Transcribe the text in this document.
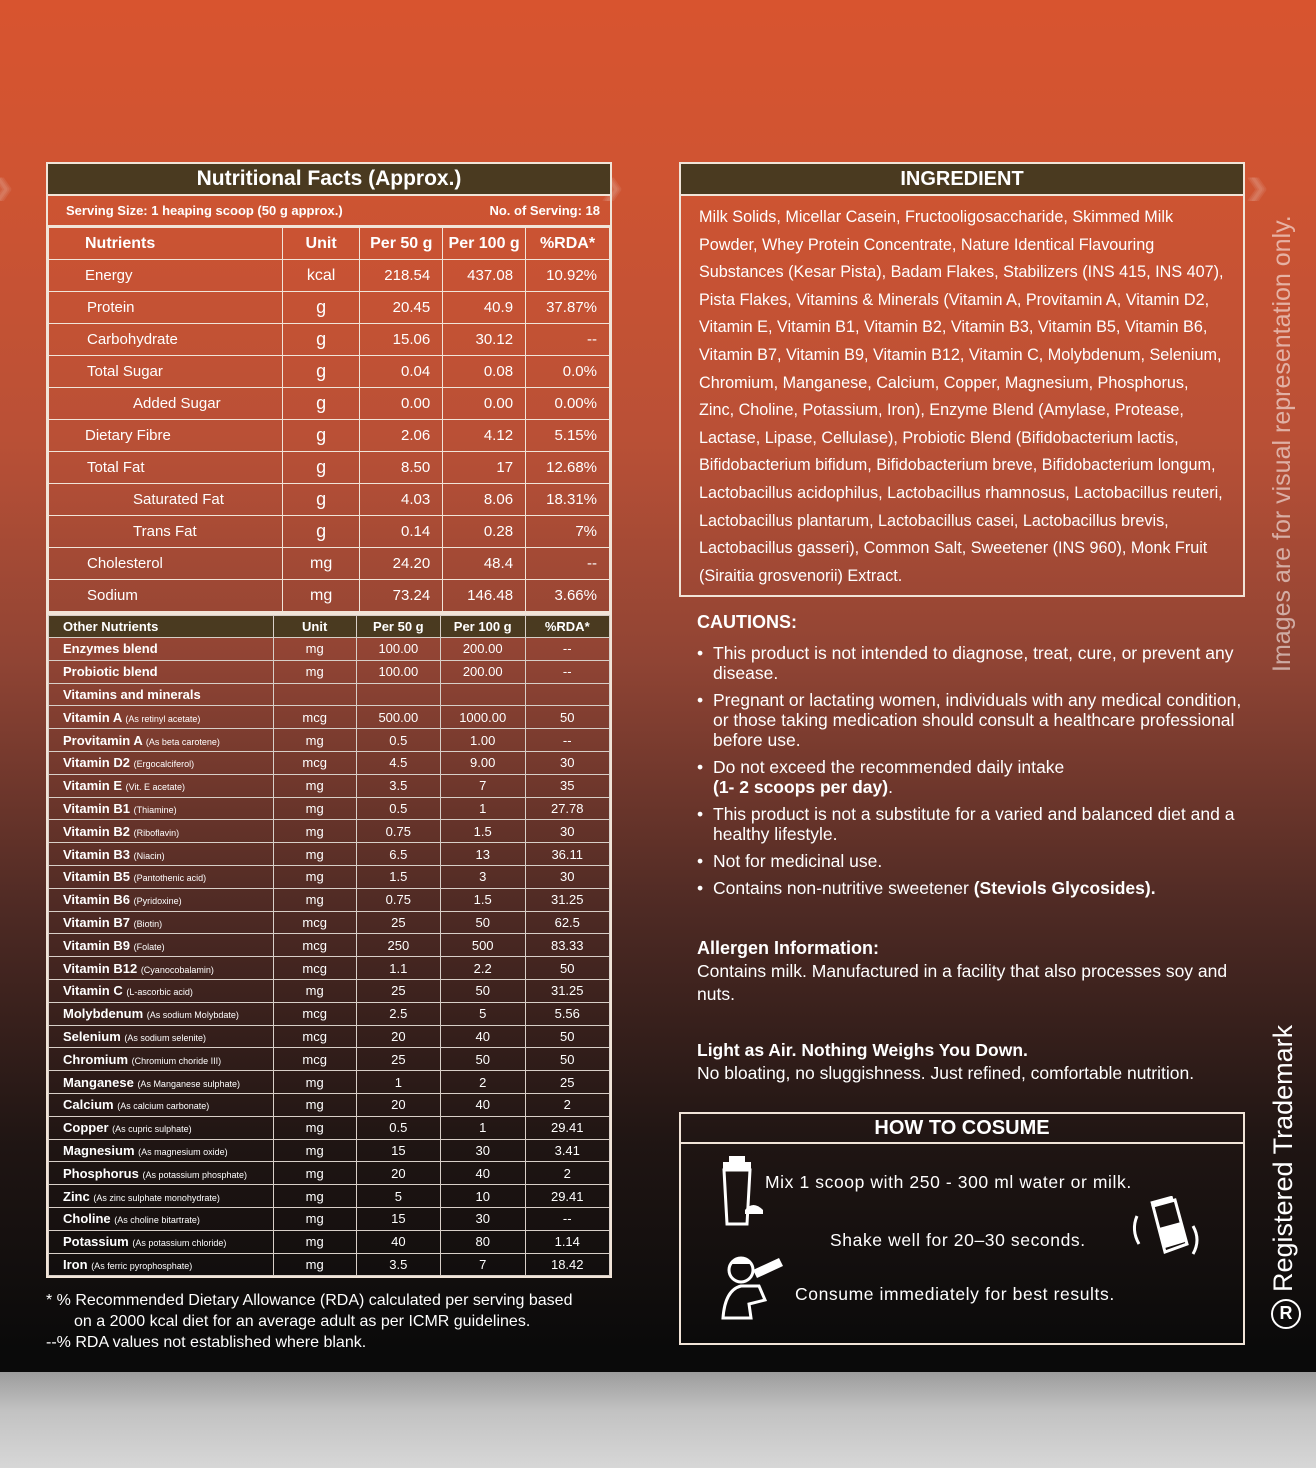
›››
Nutritional Facts (Approx.)
Serving Size: 1 heaping scoop (50 g approx.)	No. of Serving: 18
Nutrients	Unit	Per 50 g	Per 100 g	%RDA*
Energy	kcal	218.54	437.08	10.92%
Protein	g	20.45	40.9	37.87%
Carbohydrate	g	15.06	30.12	--
Total Sugar	g	0.04	0.08	0.0%
Added Sugar	g	0.00	0.00	0.00%
Dietary Fibre	g	2.06	4.12	5.15%
Total Fat	g	8.50	17	12.68%
Saturated Fat	g	4.03	8.06	18.31%
Trans Fat	g	0.14	0.28	7%
Cholesterol	mg	24.20	48.4	--
Sodium	mg	73.24	146.48	3.66%
Other Nutrients	Unit	Per 50 g	Per 100 g	%RDA*
Enzymes blend	mg	100.00	200.00	--
Probiotic blend	mg	100.00	200.00	--
Vitamins and minerals				
Vitamin A (As retinyl acetate)	mcg	500.00	1000.00	50
Provitamin A (As beta carotene)	mg	0.5	1.00	--
Vitamin D2 (Ergocalciferol)	mcg	4.5	9.00	30
Vitamin E (Vit. E acetate)	mg	3.5	7	35
Vitamin B1 (Thiamine)	mg	0.5	1	27.78
Vitamin B2 (Riboflavin)	mg	0.75	1.5	30
Vitamin B3 (Niacin)	mg	6.5	13	36.11
Vitamin B5 (Pantothenic acid)	mg	1.5	3	30
Vitamin B6 (Pyridoxine)	mg	0.75	1.5	31.25
Vitamin B7 (Biotin)	mcg	25	50	62.5
Vitamin B9 (Folate)	mcg	250	500	83.33
Vitamin B12 (Cyanocobalamin)	mcg	1.1	2.2	50
Vitamin C (L-ascorbic acid)	mg	25	50	31.25
Molybdenum (As sodium Molybdate)	mcg	2.5	5	5.56
Selenium (As sodium selenite)	mcg	20	40	50
Chromium (Chromium choride III)	mcg	25	50	50
Manganese (As Manganese sulphate)	mg	1	2	25
Calcium (As calcium carbonate)	mg	20	40	2
Copper (As cupric sulphate)	mg	0.5	1	29.41
Magnesium (As magnesium oxide)	mg	15	30	3.41
Phosphorus (As potassium phosphate)	mg	20	40	2
Zinc (As zinc sulphate monohydrate)	mg	5	10	29.41
Choline (As choline bitartrate)	mg	15	30	--
Potassium (As potassium chloride)	mg	40	80	1.14
Iron (As ferric pyrophosphate)	mg	3.5	7	18.42
* % Recommended Dietary Allowance (RDA) calculated per serving based
on a 2000 kcal diet for an average adult as per ICMR guidelines.
--% RDA values not established where blank.
INGREDIENT
Milk Solids, Micellar Casein, Fructooligosaccharide, Skimmed Milk Powder, Whey Protein Concentrate, Nature Identical Flavouring Substances (Kesar Pista), Badam Flakes, Stabilizers (INS 415, INS 407), Pista Flakes, Vitamins & Minerals (Vitamin A, Provitamin A, Vitamin D2, Vitamin E, Vitamin B1, Vitamin B2, Vitamin B3, Vitamin B5, Vitamin B6, Vitamin B7, Vitamin B9, Vitamin B12, Vitamin C, Molybdenum, Selenium, Chromium, Manganese, Calcium, Copper, Magnesium, Phosphorus, Zinc, Choline, Potassium, Iron), Enzyme Blend (Amylase, Protease, Lactase, Lipase, Cellulase), Probiotic Blend (Bifidobacterium lactis, Bifidobacterium bifidum, Bifidobacterium breve, Bifidobacterium longum, Lactobacillus acidophilus, Lactobacillus rhamnosus, Lactobacillus reuteri, Lactobacillus plantarum, Lactobacillus casei, Lactobacillus brevis, Lactobacillus gasseri), Common Salt, Sweetener (INS 960), Monk Fruit (Siraitia grosvenorii) Extract.
CAUTIONS:
• This product is not intended to diagnose, treat, cure, or prevent any disease.
• Pregnant or lactating women, individuals with any medical condition, or those taking medication should consult a healthcare professional before use.
• Do not exceed the recommended daily intake
(1- 2 scoops per day).
• This product is not a substitute for a varied and balanced diet and a healthy lifestyle.
• Not for medicinal use.
• Contains non-nutritive sweetener (Steviols Glycosides).
Allergen Information:
Contains milk. Manufactured in a facility that also processes soy and nuts.
Light as Air. Nothing Weighs You Down.
No bloating, no sluggishness. Just refined, comfortable nutrition.
HOW TO COSUME
Mix 1 scoop with 250 - 300 ml water or milk.
Shake well for 20–30 seconds.
Consume immediately for best results.
Images are for visual representation only.
Registered Trademark
R
